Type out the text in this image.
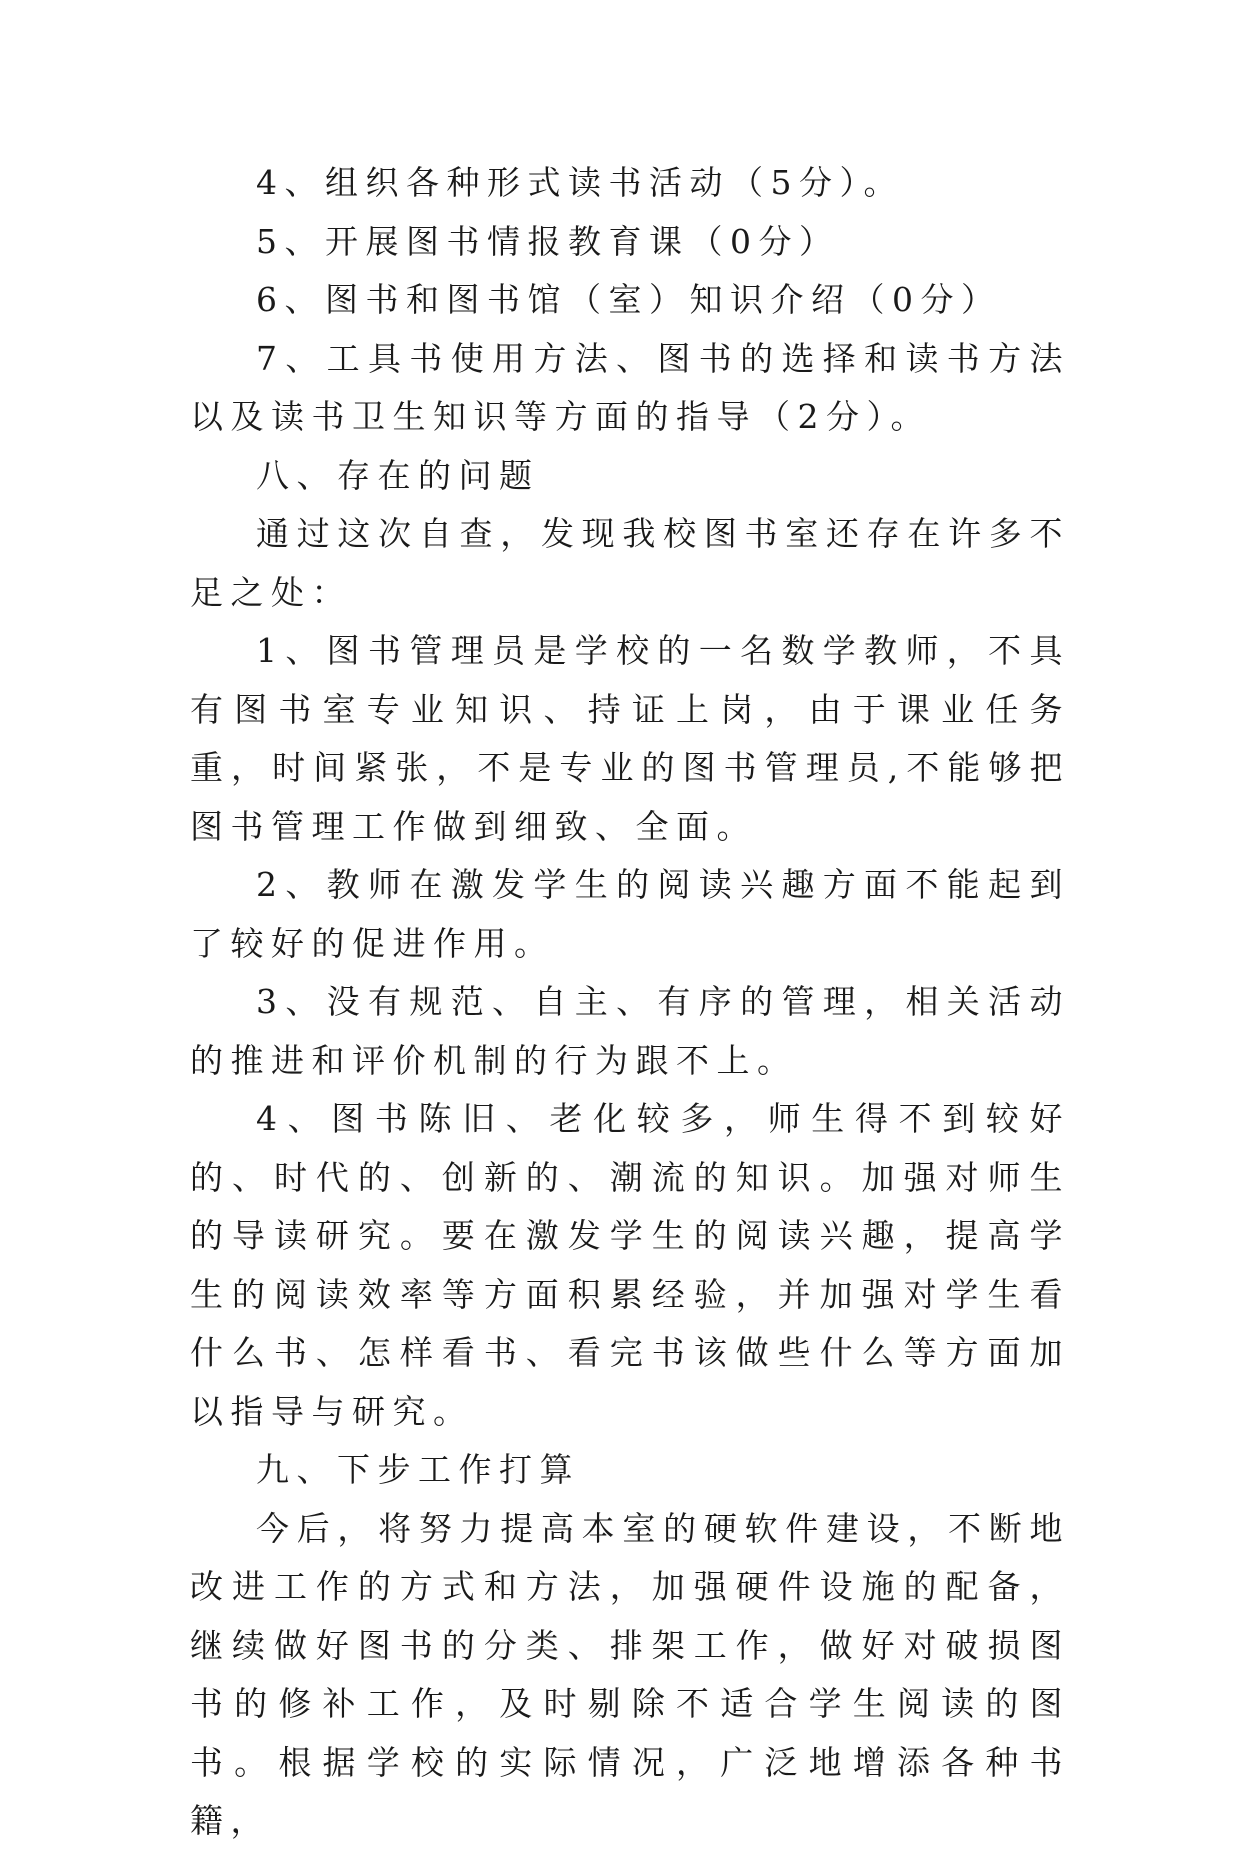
4、组织各种形式读书活动（5分）。

5、开展图书情报教育课（0分）

6、图书和图书馆（室）知识介绍（0分）

7、工具书使用方法、图书的选择和读书方法以及读书卫生知识等方面的指导（2分）。

八、存在的问题

通过这次自查，发现我校图书室还存在许多不足之处：

1、图书管理员是学校的一名数学教师，不具有图书室专业知识、持证上岗，由于课业任务重，时间紧张，不是专业的图书管理员,不能够把图书管理工作做到细致、全面。

2、教师在激发学生的阅读兴趣方面不能起到了较好的促进作用。

3、没有规范、自主、有序的管理，相关活动的推进和评价机制的行为跟不上。

4、图书陈旧、老化较多，师生得不到较好的、时代的、创新的、潮流的知识。加强对师生的导读研究。要在激发学生的阅读兴趣，提高学生的阅读效率等方面积累经验，并加强对学生看什么书、怎样看书、看完书该做些什么等方面加以指导与研究。

九、下步工作打算

今后，将努力提高本室的硬软件建设，不断地改进工作的方式和方法，加强硬件设施的配备，继续做好图书的分类、排架工作，做好对破损图书的修补工作，及时剔除不适合学生阅读的图书。根据学校的实际情况，广泛地增添各种书籍，
